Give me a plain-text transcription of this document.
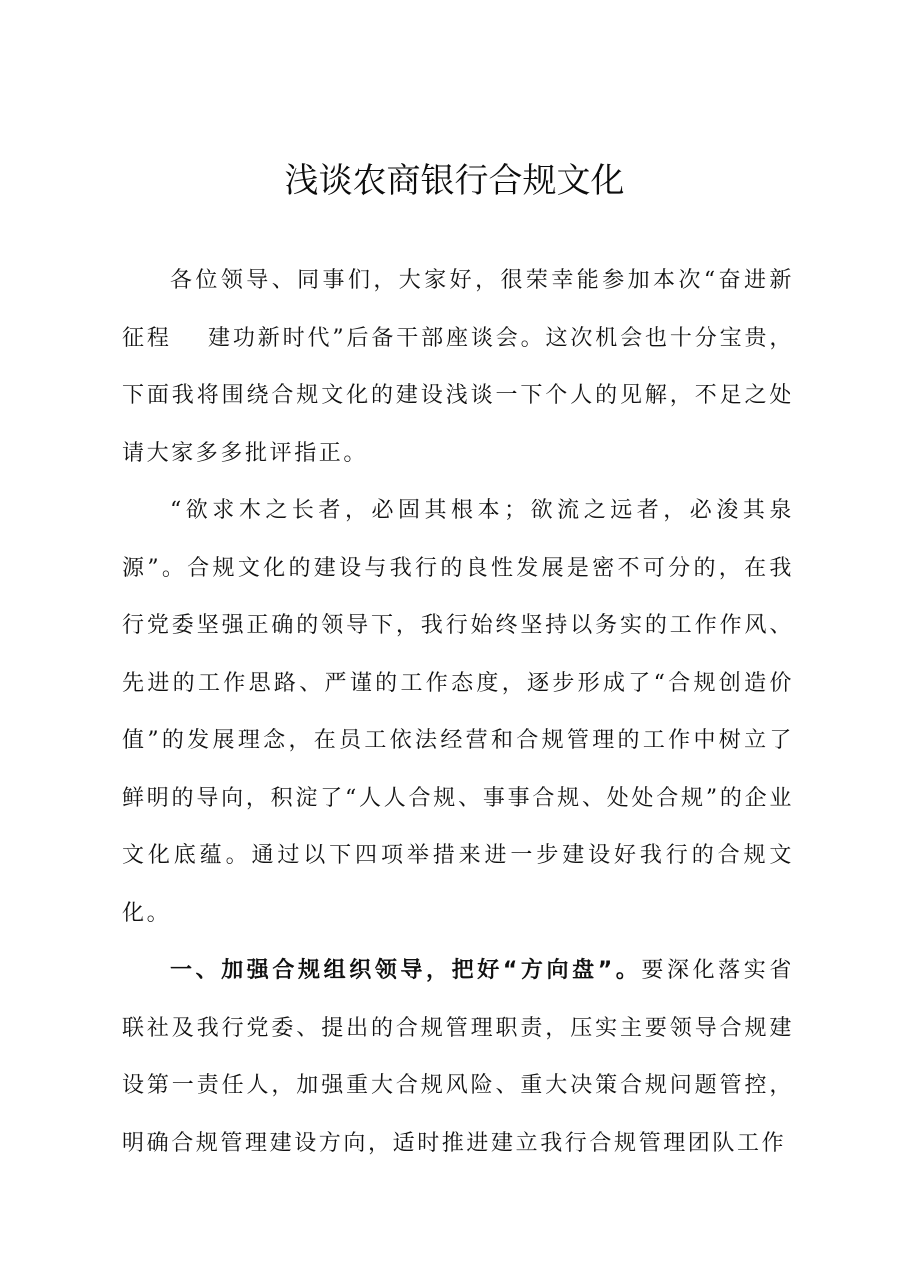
浅谈农商银行合规文化

各位领导、同事们，大家好，很荣幸能参加本次“奋进新征程 建功新时代”后备干部座谈会。这次机会也十分宝贵，下面我将围绕合规文化的建设浅谈一下个人的见解，不足之处请大家多多批评指正。

“欲求木之长者，必固其根本；欲流之远者，必浚其泉源”。合规文化的建设与我行的良性发展是密不可分的，在我行党委坚强正确的领导下，我行始终坚持以务实的工作作风、先进的工作思路、严谨的工作态度，逐步形成了“合规创造价值”的发展理念，在员工依法经营和合规管理的工作中树立了鲜明的导向，积淀了“人人合规、事事合规、处处合规”的企业文化底蕴。通过以下四项举措来进一步建设好我行的合规文化。

一、加强合规组织领导，把好“方向盘”。要深化落实省联社及我行党委、提出的合规管理职责，压实主要领导合规建设第一责任人，加强重大合规风险、重大决策合规问题管控，明确合规管理建设方向，适时推进建立我行合规管理团队工作
